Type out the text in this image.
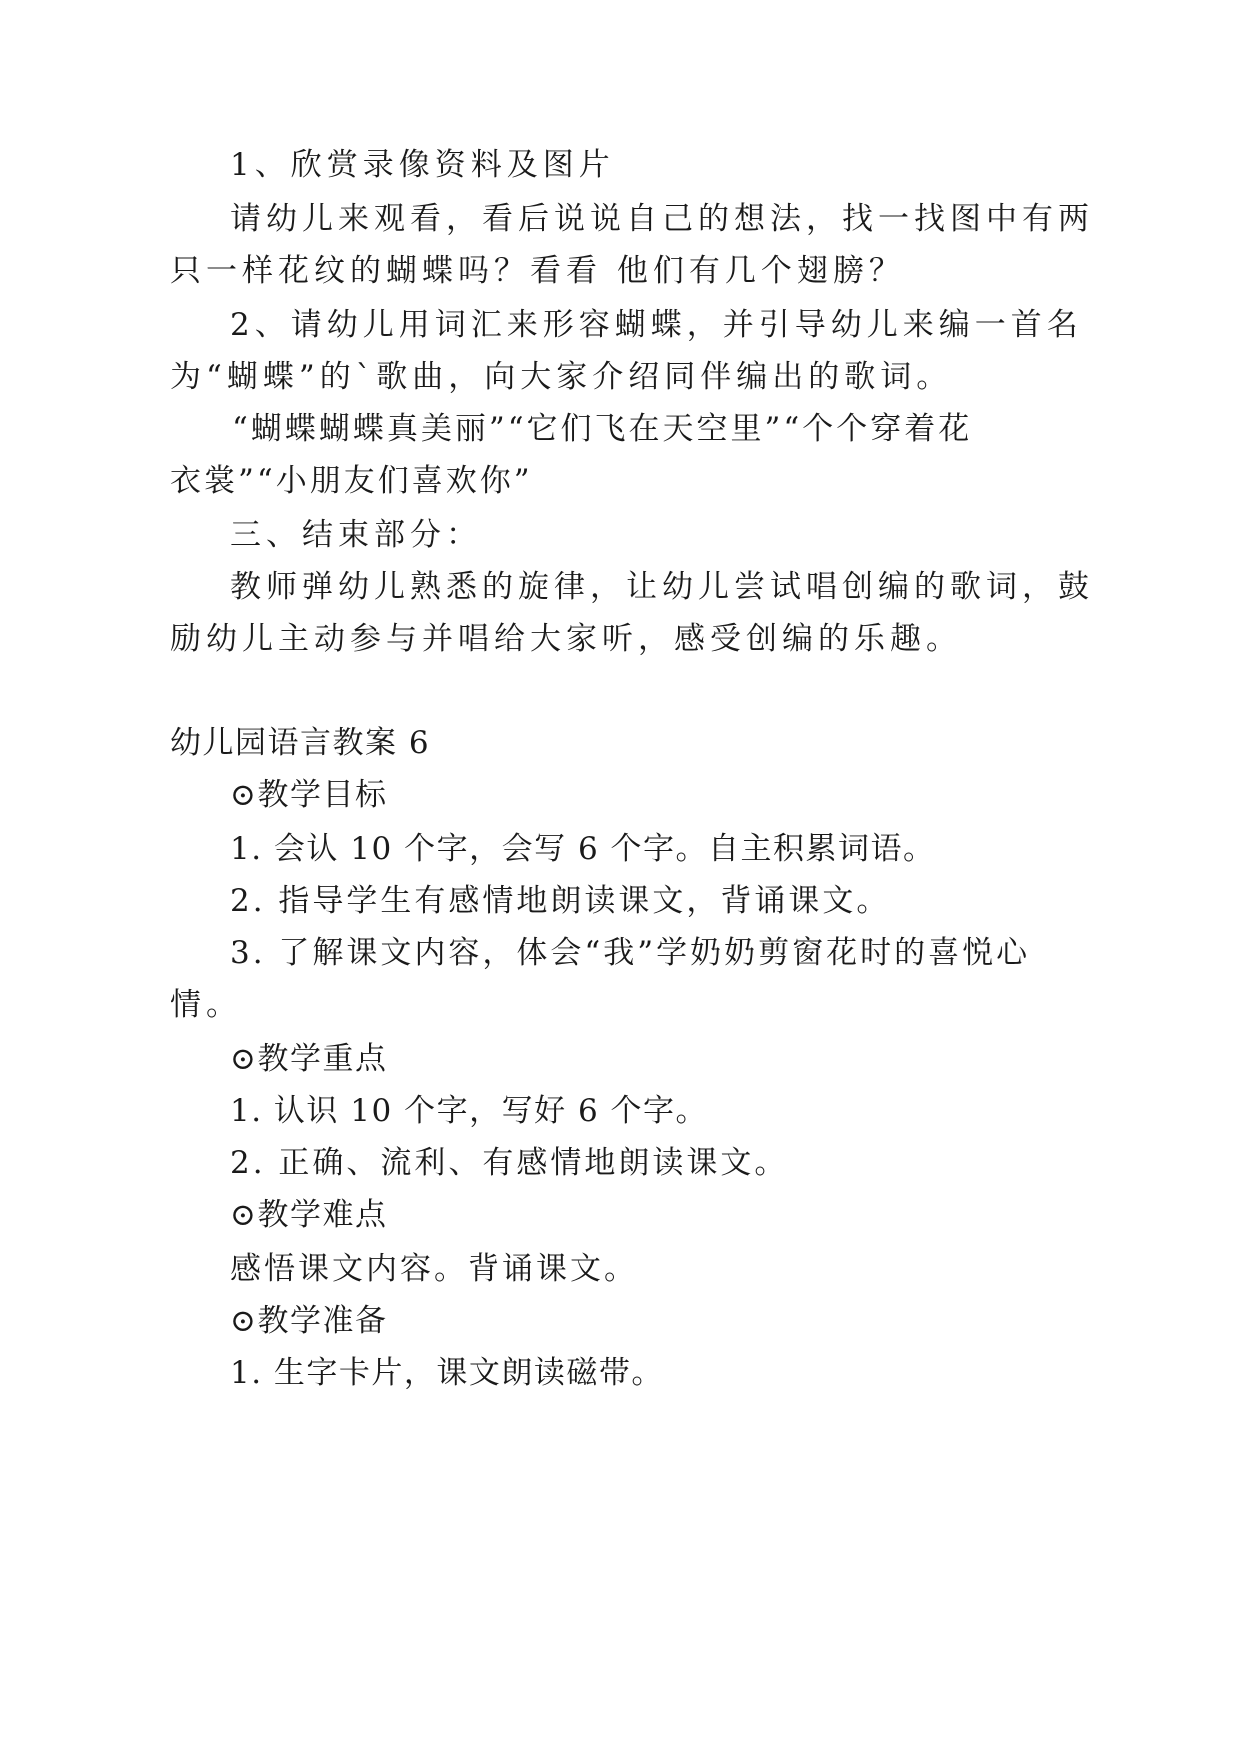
1、欣赏录像资料及图片

请幼儿来观看，看后说说自己的想法，找一找图中有两

只一样花纹的蝴蝶吗？看看 他们有几个翅膀？

2、请幼儿用词汇来形容蝴蝶，并引导幼儿来编一首名

为“蝴蝶”的`歌曲，向大家介绍同伴编出的歌词。

“蝴蝶蝴蝶真美丽”“它们飞在天空里”“个个穿着花

衣裳”“小朋友们喜欢你”

三、结束部分：

教师弹幼儿熟悉的旋律，让幼儿尝试唱创编的歌词，鼓

励幼儿主动参与并唱给大家听，感受创编的乐趣。

幼儿园语言教案 6

⊙教学目标

1. 会认 10 个字，会写 6 个字。自主积累词语。

2. 指导学生有感情地朗读课文，背诵课文。

3. 了解课文内容，体会“我”学奶奶剪窗花时的喜悦心

情。

⊙教学重点

1. 认识 10 个字，写好 6 个字。

2. 正确、流利、有感情地朗读课文。

⊙教学难点

感悟课文内容。背诵课文。

⊙教学准备

1. 生字卡片，课文朗读磁带。
